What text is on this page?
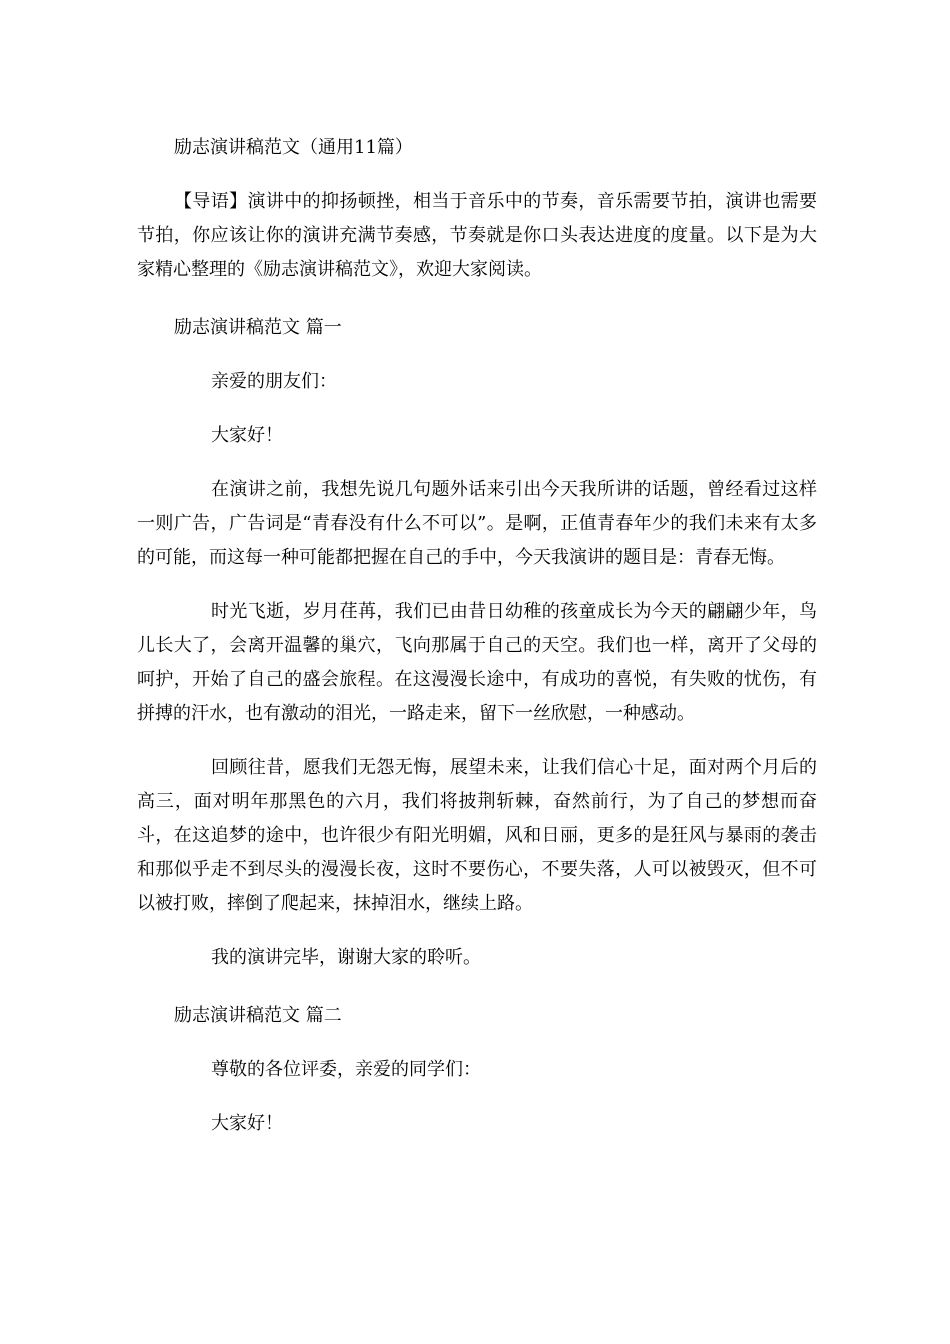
励志演讲稿范文（通用11篇）

【导语】演讲中的抑扬顿挫，相当于音乐中的节奏，音乐需要节拍，演讲也需要节拍，你应该让你的演讲充满节奏感，节奏就是你口头表达进度的度量。以下是为大家精心整理的《励志演讲稿范文》，欢迎大家阅读。

励志演讲稿范文 篇一

亲爱的朋友们：

大家好！

在演讲之前，我想先说几句题外话来引出今天我所讲的话题，曾经看过这样一则广告，广告词是“青春没有什么不可以”。是啊，正值青春年少的我们未来有太多的可能，而这每一种可能都把握在自己的手中，今天我演讲的题目是：青春无悔。

时光飞逝，岁月荏苒，我们已由昔日幼稚的孩童成长为今天的翩翩少年，鸟儿长大了，会离开温馨的巢穴，飞向那属于自己的天空。我们也一样，离开了父母的呵护，开始了自己的盛会旅程。在这漫漫长途中，有成功的喜悦，有失败的忧伤，有拼搏的汗水，也有激动的泪光，一路走来，留下一丝欣慰，一种感动。

回顾往昔，愿我们无怨无悔，展望未来，让我们信心十足，面对两个月后的高三，面对明年那黑色的六月，我们将披荆斩棘，奋然前行，为了自己的梦想而奋斗，在这追梦的途中，也许很少有阳光明媚，风和日丽，更多的是狂风与暴雨的袭击和那似乎走不到尽头的漫漫长夜，这时不要伤心，不要失落，人可以被毁灭，但不可以被打败，摔倒了爬起来，抹掉泪水，继续上路。

我的演讲完毕，谢谢大家的聆听。

励志演讲稿范文 篇二

尊敬的各位评委，亲爱的同学们：

大家好！
